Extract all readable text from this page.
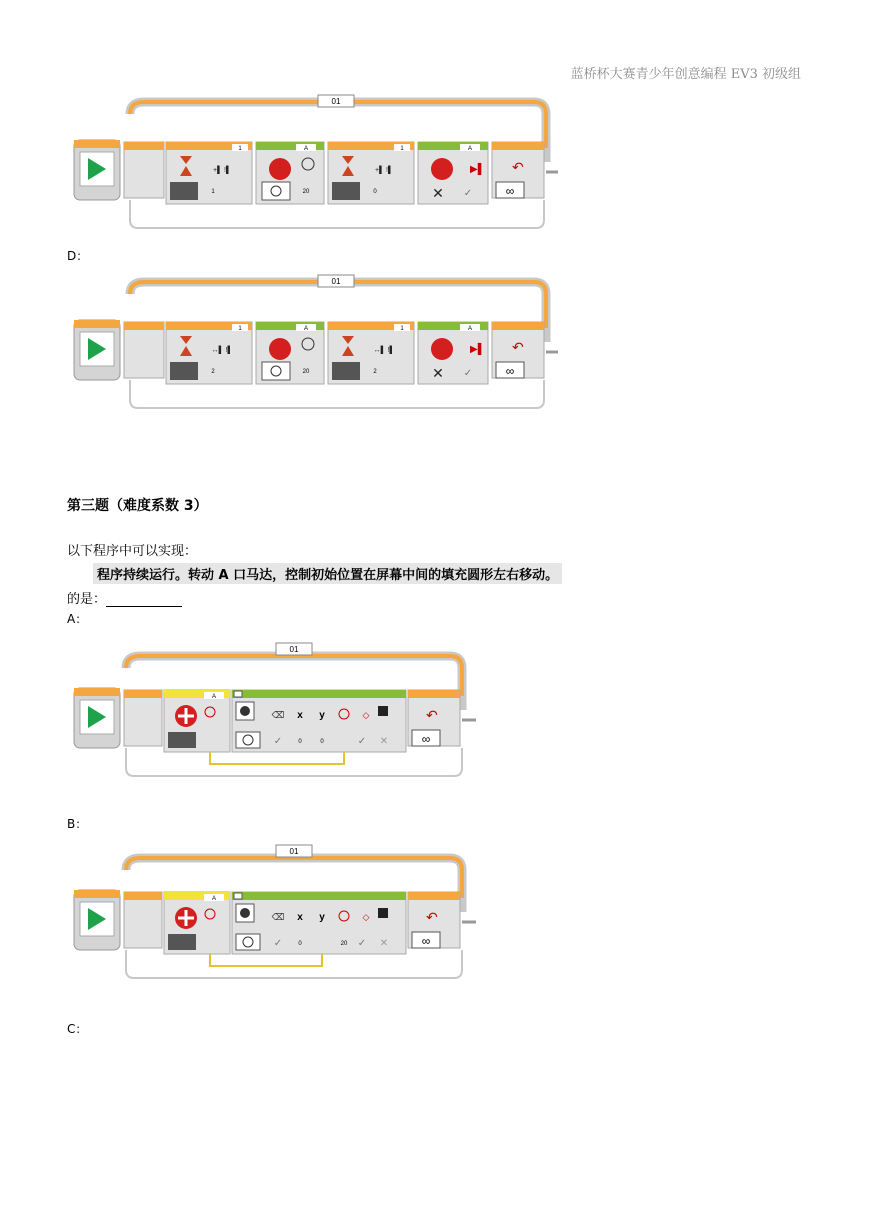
蓝桥杯大赛青少年创意编程 EV3 初级组
01
1
+▌ !▌
1
A
20
1
+▌ !▌
0
A
▶▌
✕ ✓
↶
∞
D：
01
1
↔▌ !▌
2
A
20
1
↔▌ !▌
2
A
▶▌
✕ ✓
↶
∞
第三题（难度系数 3）
以下程序中可以实现：
程序持续运行。转动 A 口马达，控制初始位置在屏幕中间的填充圆形左右移动。
的是：
A：
01
A
⌫ x y	◇
✓	0	0	✓ ✕
↶
∞
B：
01
A
⌫ x y	◇
✓	0	20 ✓ ✕
↶
∞
C：
